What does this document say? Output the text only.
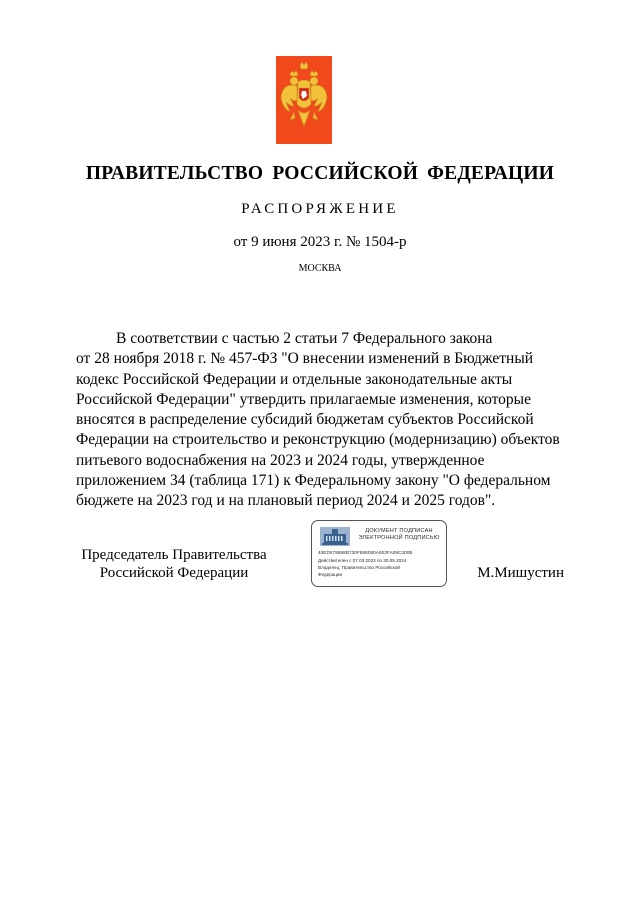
ПРАВИТЕЛЬСТВО РОССИЙСКОЙ ФЕДЕРАЦИИ
РАСПОРЯЖЕНИЕ
от 9 июня 2023 г. № 1504-р
МОСКВА
В соответствии с частью 2 статьи 7 Федерального закона
от 28 ноября 2018 г. № 457-ФЗ "О внесении изменений в Бюджетный
кодекс Российской Федерации и отдельные законодательные акты
Российской Федерации" утвердить прилагаемые изменения, которые
вносятся в распределение субсидий бюджетам субъектов Российской
Федерации на строительство и реконструкцию (модернизацию) объектов
питьевого водоснабжения на 2023 и 2024 годы, утвержденное
приложением 34 (таблица 171) к Федеральному закону "О федеральном
бюджете на 2023 год и на плановый период 2024 и 2025 годов".
Председатель Правительства
Российской Федерации
ДОКУМЕНТ ПОДПИСАН
ЭЛЕКТРОННОЙ ПОДПИСЬЮ
40ED578888B730F888080A603FA09C300B
Действителен с 07.03.2023 по 30.05.2024
Владелец: Правительство Российской
Федерации	М.Мишустин
